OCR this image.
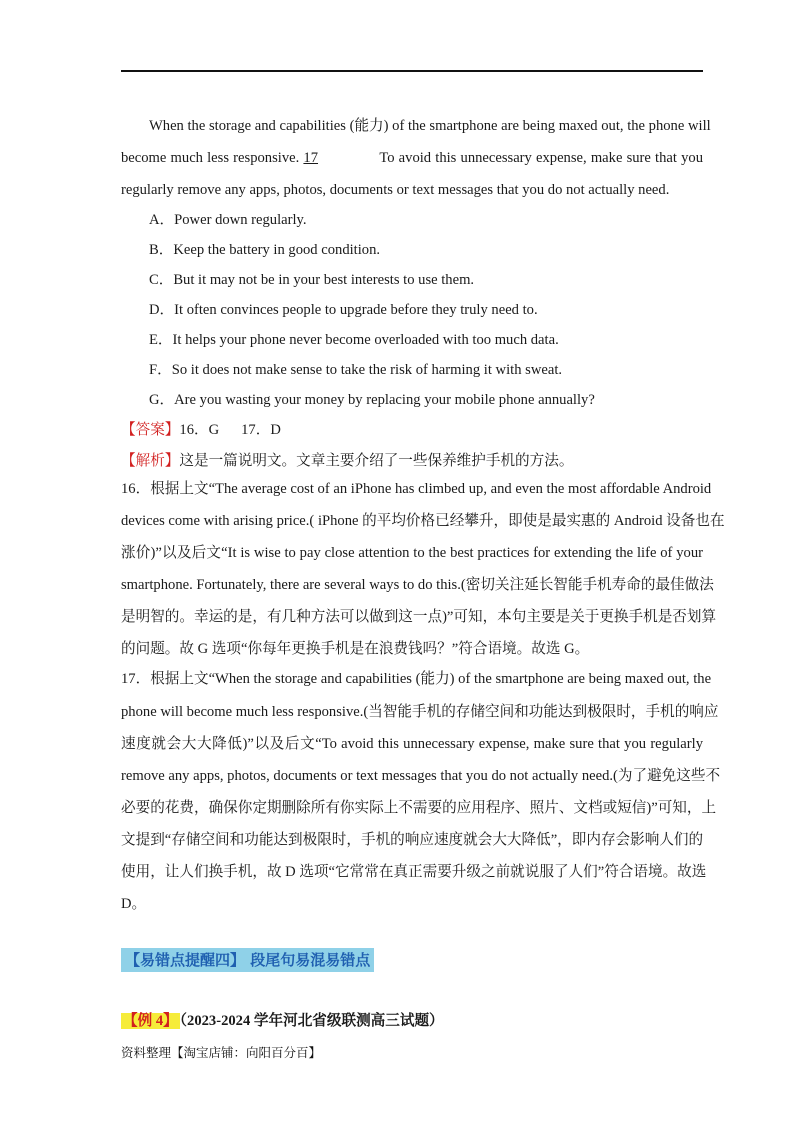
When the storage and capabilities (能力) of the smartphone are being maxed out, the phone will
become much less responsive. 17	To avoid this unnecessary expense, make sure that you
regularly remove any apps, photos, documents or text messages that you do not actually need.
A．Power down regularly.
B．Keep the battery in good condition.
C．But it may not be in your best interests to use them.
D．It often convinces people to upgrade before they truly need to.
E．It helps your phone never become overloaded with too much data.
F．So it does not make sense to take the risk of harming it with sweat.
G．Are you wasting your money by replacing your mobile phone annually?
【答案】16．G 17．D
【解析】这是一篇说明文。文章主要介绍了一些保养维护手机的方法。
16．根据上文“The average cost of an iPhone has climbed up, and even the most affordable Android
devices come with arising price.( iPhone 的平均价格已经攀升，即使是最实惠的 Android 设备也在
涨价)”以及后文“It is wise to pay close attention to the best practices for extending the life of your
smartphone. Fortunately, there are several ways to do this.(密切关注延长智能手机寿命的最佳做法
是明智的。幸运的是，有几种方法可以做到这一点)”可知，本句主要是关于更换手机是否划算
的问题。故 G 选项“你每年更换手机是在浪费钱吗？”符合语境。故选 G。
17．根据上文“When the storage and capabilities (能力) of the smartphone are being maxed out, the
phone will become much less responsive.(当智能手机的存储空间和功能达到极限时，手机的响应
速度就会大大降低)”以及后文“To avoid this unnecessary expense, make sure that you regularly
remove any apps, photos, documents or text messages that you do not actually need.(为了避免这些不
必要的花费，确保你定期删除所有你实际上不需要的应用程序、照片、文档或短信)”可知，上
文提到“存储空间和功能达到极限时，手机的响应速度就会大大降低”，即内存会影响人们的
使用，让人们换手机，故 D 选项“它常常在真正需要升级之前就说服了人们”符合语境。故选
D。
【易错点提醒四】 段尾句易混易错点
【例 4】 （2023-2024 学年河北省级联测高三试题）
资料整理【淘宝店铺：向阳百分百】
